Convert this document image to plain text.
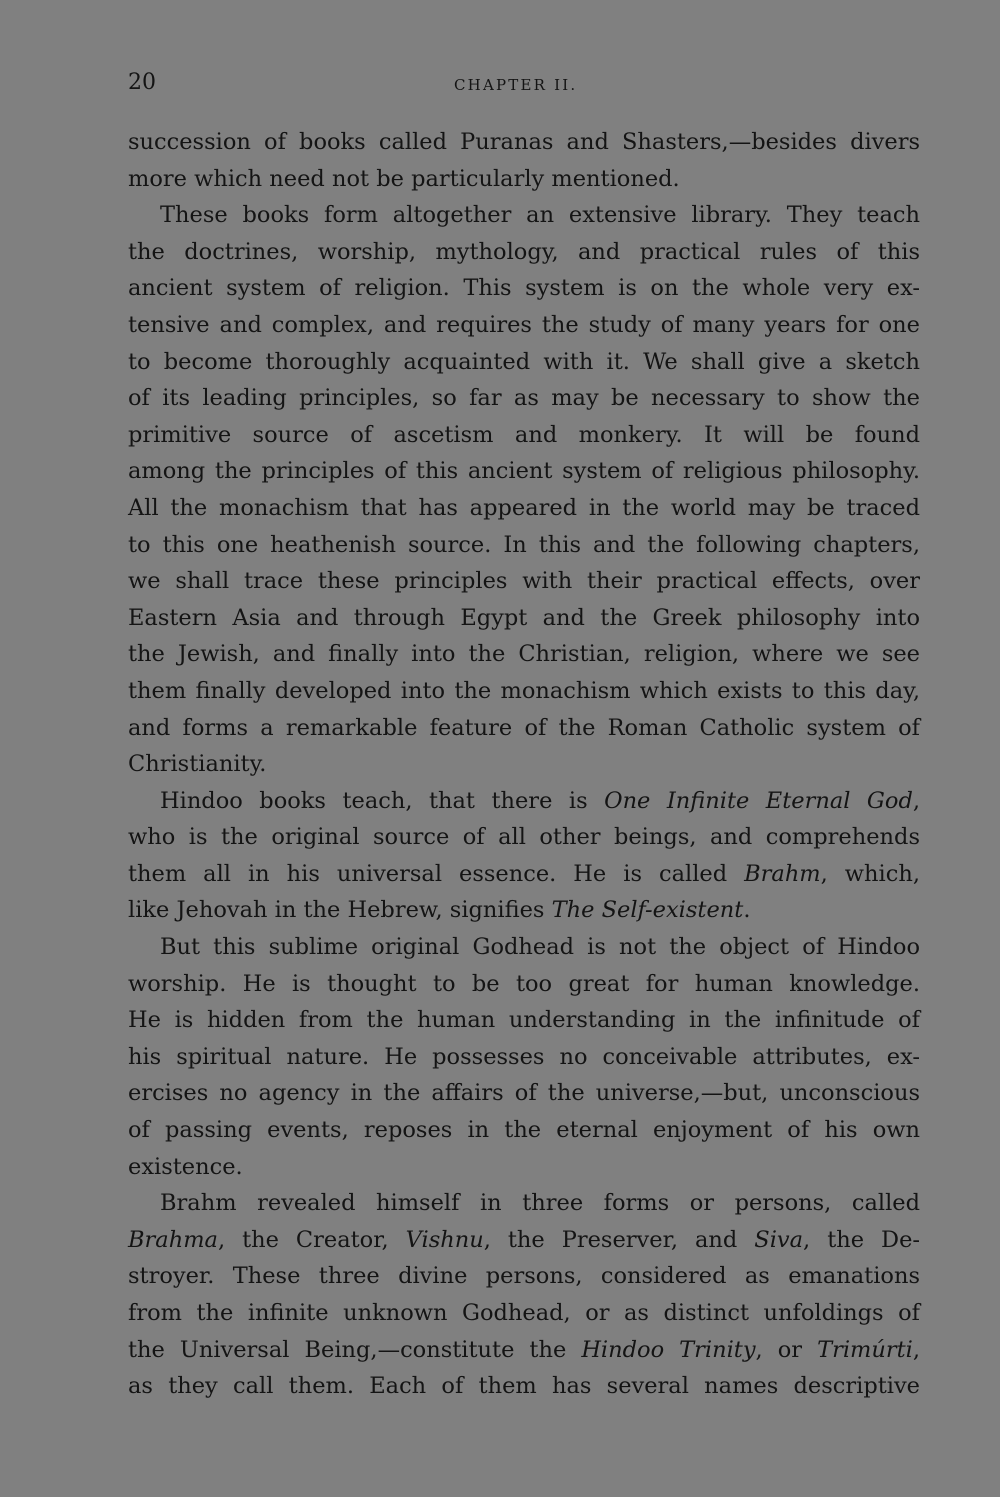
20	CHAPTER II.
succession of books called Puranas and Shasters,—besides divers
more which need not be particularly mentioned.
These books form altogether an extensive library. They teach
the doctrines, worship, mythology, and practical rules of this
ancient system of religion. This system is on the whole very ex-
tensive and complex, and requires the study of many years for one
to become thoroughly acquainted with it. We shall give a sketch
of its leading principles, so far as may be necessary to show the
primitive source of ascetism and monkery. It will be found
among the principles of this ancient system of religious philosophy.
All the monachism that has appeared in the world may be traced
to this one heathenish source. In this and the following chapters,
we shall trace these principles with their practical effects, over
Eastern Asia and through Egypt and the Greek philosophy into
the Jewish, and finally into the Christian, religion, where we see
them finally developed into the monachism which exists to this day,
and forms a remarkable feature of the Roman Catholic system of
Christianity.
Hindoo books teach, that there is One Infinite Eternal God,
who is the original source of all other beings, and comprehends
them all in his universal essence. He is called Brahm, which,
like Jehovah in the Hebrew, signifies The Self-existent.
But this sublime original Godhead is not the object of Hindoo
worship. He is thought to be too great for human knowledge.
He is hidden from the human understanding in the infinitude of
his spiritual nature. He possesses no conceivable attributes, ex-
ercises no agency in the affairs of the universe,—but, unconscious
of passing events, reposes in the eternal enjoyment of his own
existence.
Brahm revealed himself in three forms or persons, called
Brahma, the Creator, Vishnu, the Preserver, and Siva, the De-
stroyer. These three divine persons, considered as emanations
from the infinite unknown Godhead, or as distinct unfoldings of
the Universal Being,—constitute the Hindoo Trinity, or Trimúrti,
as they call them. Each of them has several names descriptive
